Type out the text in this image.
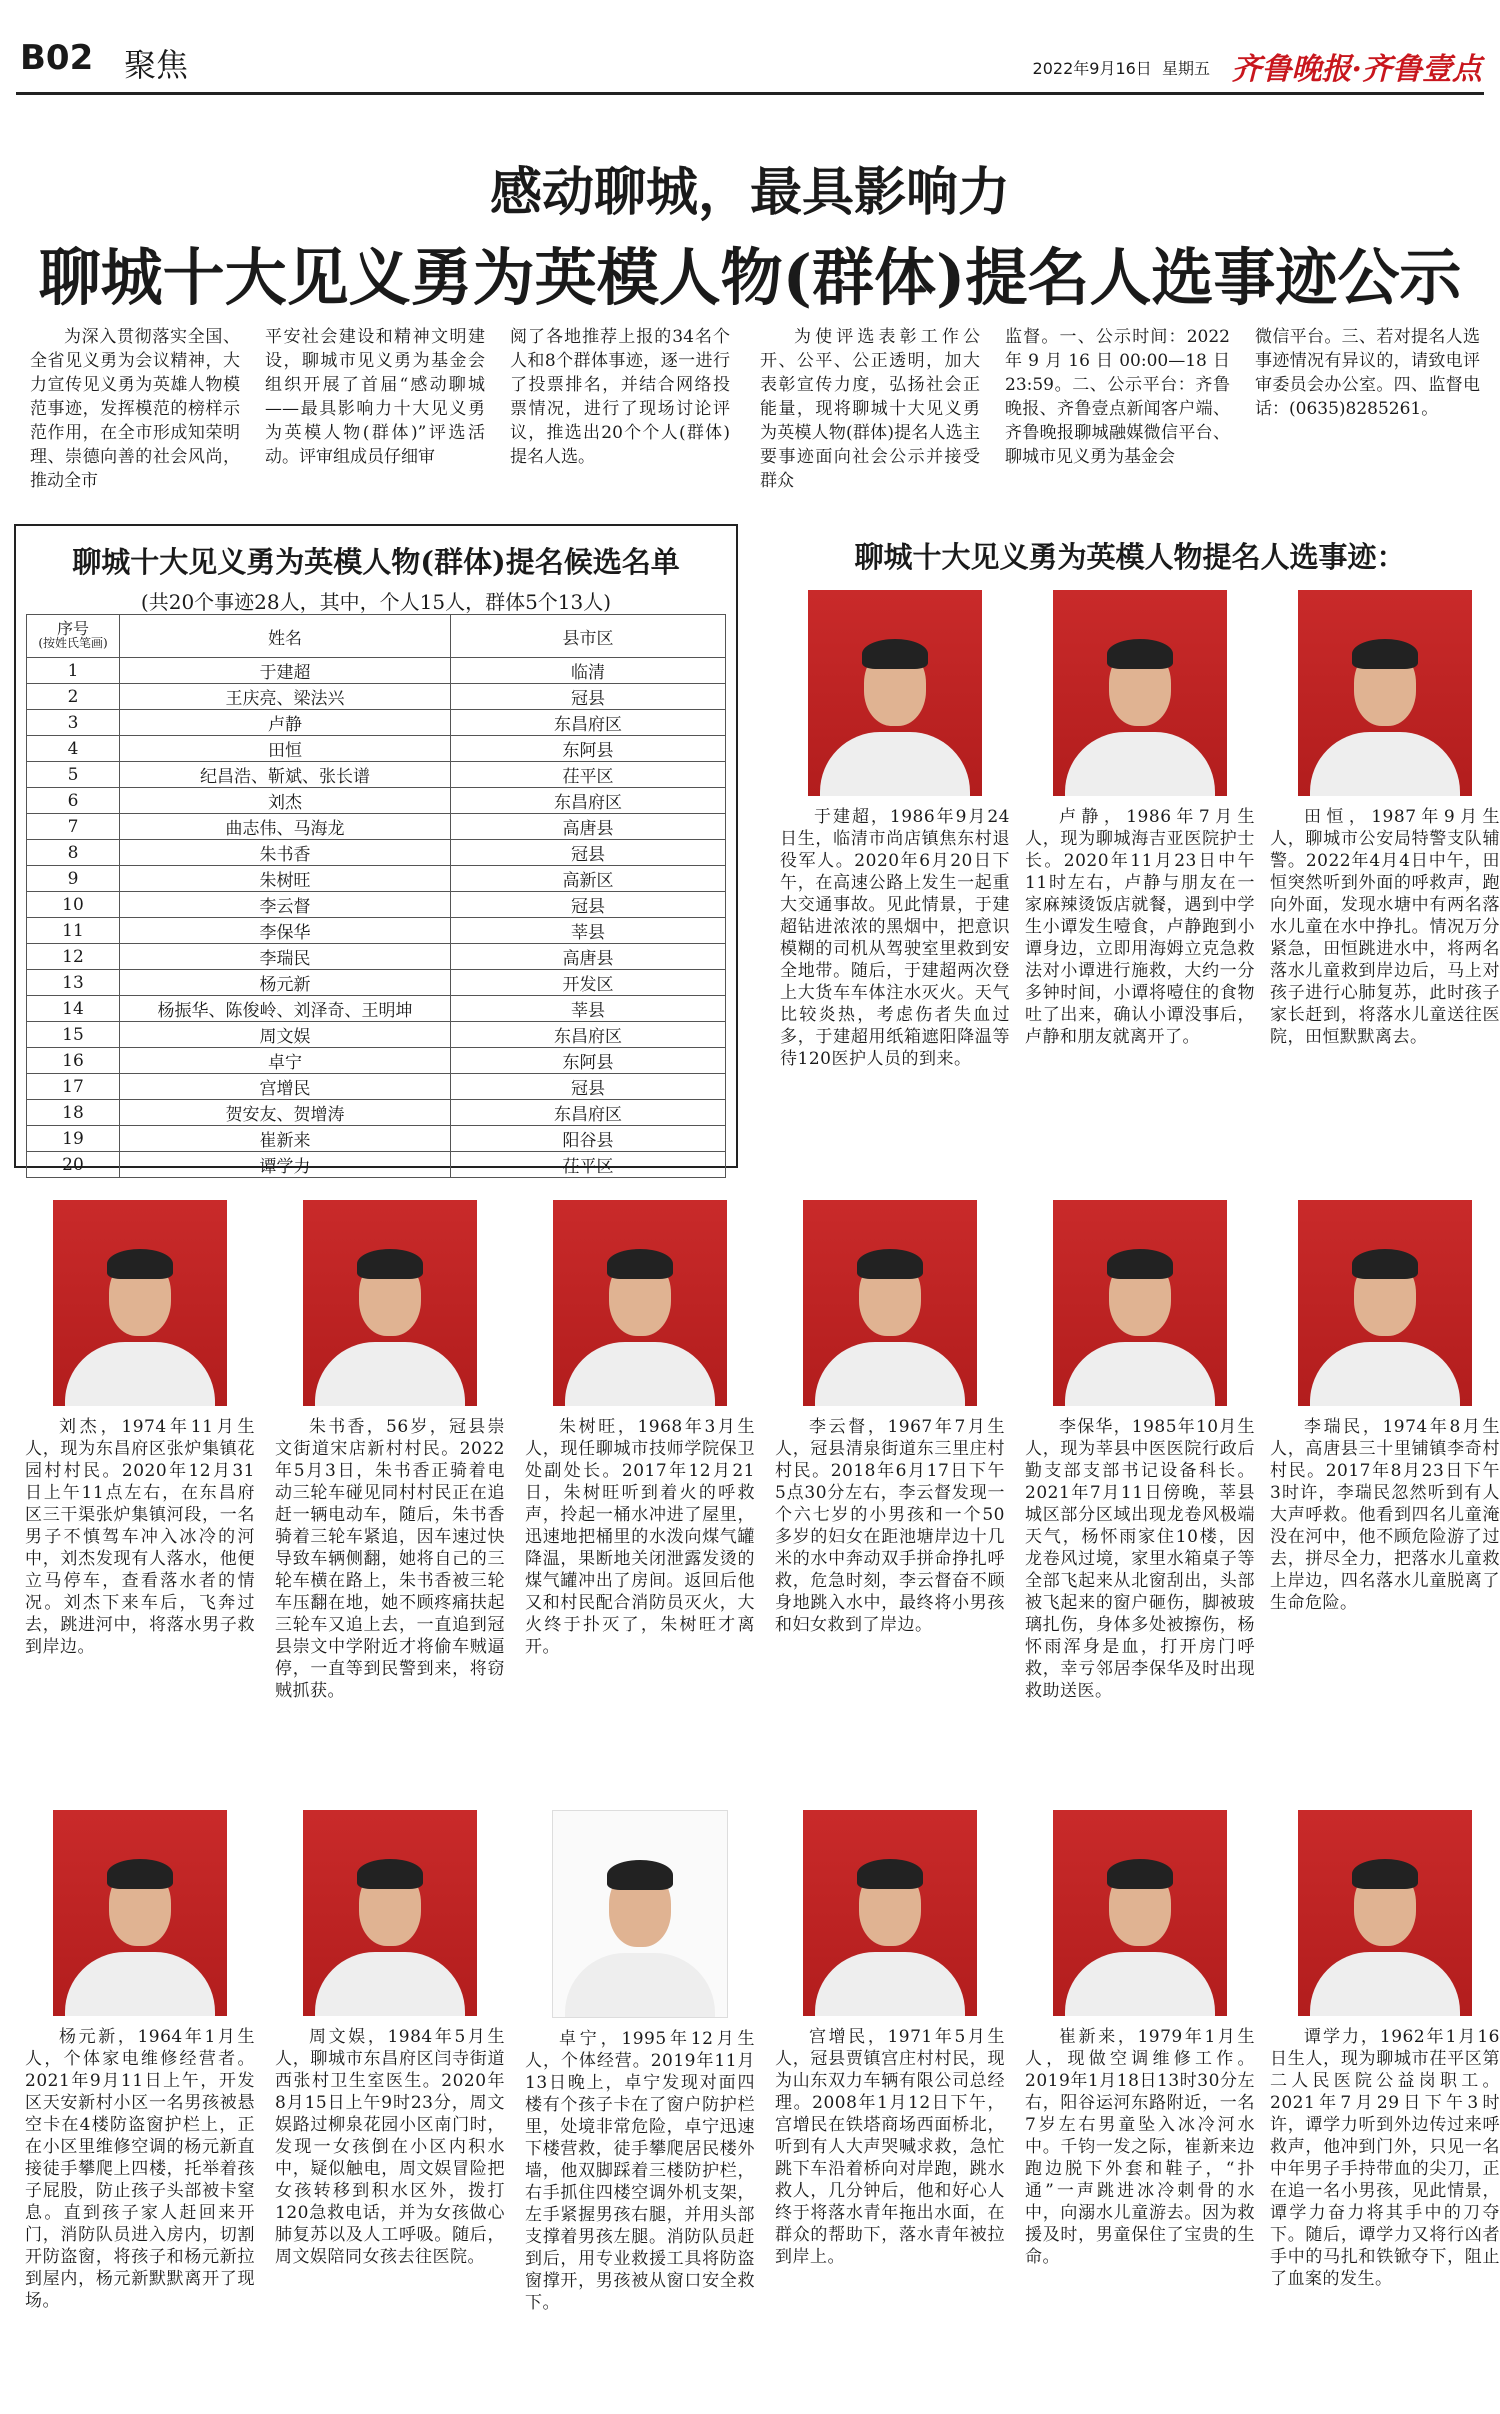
B02 聚焦	2022年9月16日 星期五 齐鲁晚报·齐鲁壹点
感动聊城，最具影响力
聊城十大见义勇为英模人物(群体)提名人选事迹公示
为深入贯彻落实全国、全省见义勇为会议精神，大力宣传见义勇为英雄人物模范事迹，发挥模范的榜样示范作用，在全市形成知荣明理、崇德向善的社会风尚，推动全市
平安社会建设和精神文明建设，聊城市见义勇为基金会组织开展了首届“感动聊城——最具影响力十大见义勇为英模人物(群体)”评选活动。评审组成员仔细审
阅了各地推荐上报的34名个人和8个群体事迹，逐一进行了投票排名，并结合网络投票情况，进行了现场讨论评议，推选出20个个人(群体)提名人选。
为使评选表彰工作公开、公平、公正透明，加大表彰宣传力度，弘扬社会正能量，现将聊城十大见义勇为英模人物(群体)提名人选主要事迹面向社会公示并接受群众
监督。一、公示时间：2022年9月16日00:00—18日23:59。二、公示平台：齐鲁晚报、齐鲁壹点新闻客户端、齐鲁晚报聊城融媒微信平台、聊城市见义勇为基金会
微信平台。三、若对提名人选事迹情况有异议的，请致电评审委员会办公室。四、监督电话：(0635)8285261。
聊城十大见义勇为英模人物(群体)提名候选名单
(共20个事迹28人，其中，个人15人，群体5个13人)
序号
(按姓氏笔画)	姓名	县市区
1	于建超	临清
2	王庆亮、梁法兴	冠县
3	卢静	东昌府区
4	田恒	东阿县
5	纪昌浩、靳斌、张长谱	茌平区
6	刘杰	东昌府区
7	曲志伟、马海龙	高唐县
8	朱书香	冠县
9	朱树旺	高新区
10	李云督	冠县
11	李保华	莘县
12	李瑞民	高唐县
13	杨元新	开发区
14	杨振华、陈俊岭、刘泽奇、王明坤	莘县
15	周文娱	东昌府区
16	卓宁	东阿县
17	宫增民	冠县
18	贺安友、贺增涛	东昌府区
19	崔新来	阳谷县
20	谭学力	茌平区
聊城十大见义勇为英模人物提名人选事迹：
于建超，1986年9月24日生，临清市尚店镇焦东村退役军人。2020年6月20日下午，在高速公路上发生一起重大交通事故。见此情景，于建超钻进浓浓的黑烟中，把意识模糊的司机从驾驶室里救到安全地带。随后，于建超两次登上大货车车体注水灭火。天气比较炎热，考虑伤者失血过多，于建超用纸箱遮阳降温等待120医护人员的到来。
卢静，1986年7月生人，现为聊城海吉亚医院护士长。2020年11月23日中午11时左右，卢静与朋友在一家麻辣烫饭店就餐，遇到中学生小谭发生噎食，卢静跑到小谭身边，立即用海姆立克急救法对小谭进行施救，大约一分多钟时间，小谭将噎住的食物吐了出来，确认小谭没事后，卢静和朋友就离开了。
田恒，1987年9月生人，聊城市公安局特警支队辅警。2022年4月4日中午，田恒突然听到外面的呼救声，跑向外面，发现水塘中有两名落水儿童在水中挣扎。情况万分紧急，田恒跳进水中，将两名落水儿童救到岸边后，马上对孩子进行心肺复苏，此时孩子家长赶到，将落水儿童送往医院，田恒默默离去。
刘杰，1974年11月生人，现为东昌府区张炉集镇花园村村民。2020年12月31日上午11点左右，在东昌府区三干渠张炉集镇河段，一名男子不慎驾车冲入冰冷的河中，刘杰发现有人落水，他便立马停车，查看落水者的情况。刘杰下来车后，飞奔过去，跳进河中，将落水男子救到岸边。
朱书香，56岁，冠县崇文街道宋店新村村民。2022年5月3日，朱书香正骑着电动三轮车碰见同村村民正在追赶一辆电动车，随后，朱书香骑着三轮车紧追，因车速过快导致车辆侧翻，她将自己的三轮车横在路上，朱书香被三轮车压翻在地，她不顾疼痛扶起三轮车又追上去，一直追到冠县崇文中学附近才将偷车贼逼停，一直等到民警到来，将窃贼抓获。
朱树旺，1968年3月生人，现任聊城市技师学院保卫处副处长。2017年12月21日，朱树旺听到着火的呼救声，拎起一桶水冲进了屋里，迅速地把桶里的水泼向煤气罐降温，果断地关闭泄露发烫的煤气罐冲出了房间。返回后他又和村民配合消防员灭火，大火终于扑灭了，朱树旺才离开。
李云督，1967年7月生人，冠县清泉街道东三里庄村村民。2018年6月17日下午5点30分左右，李云督发现一个六七岁的小男孩和一个50多岁的妇女在距池塘岸边十几米的水中奔动双手拼命挣扎呼救，危急时刻，李云督奋不顾身地跳入水中，最终将小男孩和妇女救到了岸边。
李保华，1985年10月生人，现为莘县中医医院行政后勤支部支部书记设备科长。2021年7月11日傍晚，莘县城区部分区域出现龙卷风极端天气，杨怀雨家住10楼，因龙卷风过境，家里水箱桌子等全部飞起来从北窗刮出，头部被飞起来的窗户砸伤，脚被玻璃扎伤，身体多处被擦伤，杨怀雨浑身是血，打开房门呼救，幸亏邻居李保华及时出现救助送医。
李瑞民，1974年8月生人，高唐县三十里铺镇李奇村村民。2017年8月23日下午3时许，李瑞民忽然听到有人大声呼救。他看到四名儿童淹没在河中，他不顾危险游了过去，拼尽全力，把落水儿童救上岸边，四名落水儿童脱离了生命危险。
杨元新，1964年1月生人，个体家电维修经营者。2021年9月11日上午，开发区天安新村小区一名男孩被悬空卡在4楼防盗窗护栏上，正在小区里维修空调的杨元新直接徒手攀爬上四楼，托举着孩子屁股，防止孩子头部被卡窒息。直到孩子家人赶回来开门，消防队员进入房内，切割开防盗窗，将孩子和杨元新拉到屋内，杨元新默默离开了现场。
周文娱，1984年5月生人，聊城市东昌府区闫寺街道西张村卫生室医生。2020年8月15日上午9时23分，周文娱路过柳泉花园小区南门时，发现一女孩倒在小区内积水中，疑似触电，周文娱冒险把女孩转移到积水区外，拨打120急救电话，并为女孩做心肺复苏以及人工呼吸。随后，周文娱陪同女孩去往医院。
卓宁，1995年12月生人，个体经营。2019年11月13日晚上，卓宁发现对面四楼有个孩子卡在了窗户防护栏里，处境非常危险，卓宁迅速下楼营救，徒手攀爬居民楼外墙，他双脚踩着三楼防护栏，右手抓住四楼空调外机支架，左手紧握男孩右腿，并用头部支撑着男孩左腿。消防队员赶到后，用专业救援工具将防盗窗撑开，男孩被从窗口安全救下。
宫增民，1971年5月生人，冠县贾镇宫庄村村民，现为山东双力车辆有限公司总经理。2008年1月12日下午，宫增民在铁塔商场西面桥北，听到有人大声哭喊求救，急忙跳下车沿着桥向对岸跑，跳水救人，几分钟后，他和好心人终于将落水青年拖出水面，在群众的帮助下，落水青年被拉到岸上。
崔新来，1979年1月生人，现做空调维修工作。2019年1月18日13时30分左右，阳谷运河东路附近，一名7岁左右男童坠入冰冷河水中。千钧一发之际，崔新来边跑边脱下外套和鞋子，“扑通”一声跳进冰冷刺骨的水中，向溺水儿童游去。因为救援及时，男童保住了宝贵的生命。
谭学力，1962年1月16日生人，现为聊城市茌平区第二人民医院公益岗职工。2021年7月29日下午3时许，谭学力听到外边传过来呼救声，他冲到门外，只见一名中年男子手持带血的尖刀，正在追一名小男孩，见此情景，谭学力奋力将其手中的刀夺下。随后，谭学力又将行凶者手中的马扎和铁锨夺下，阻止了血案的发生。
